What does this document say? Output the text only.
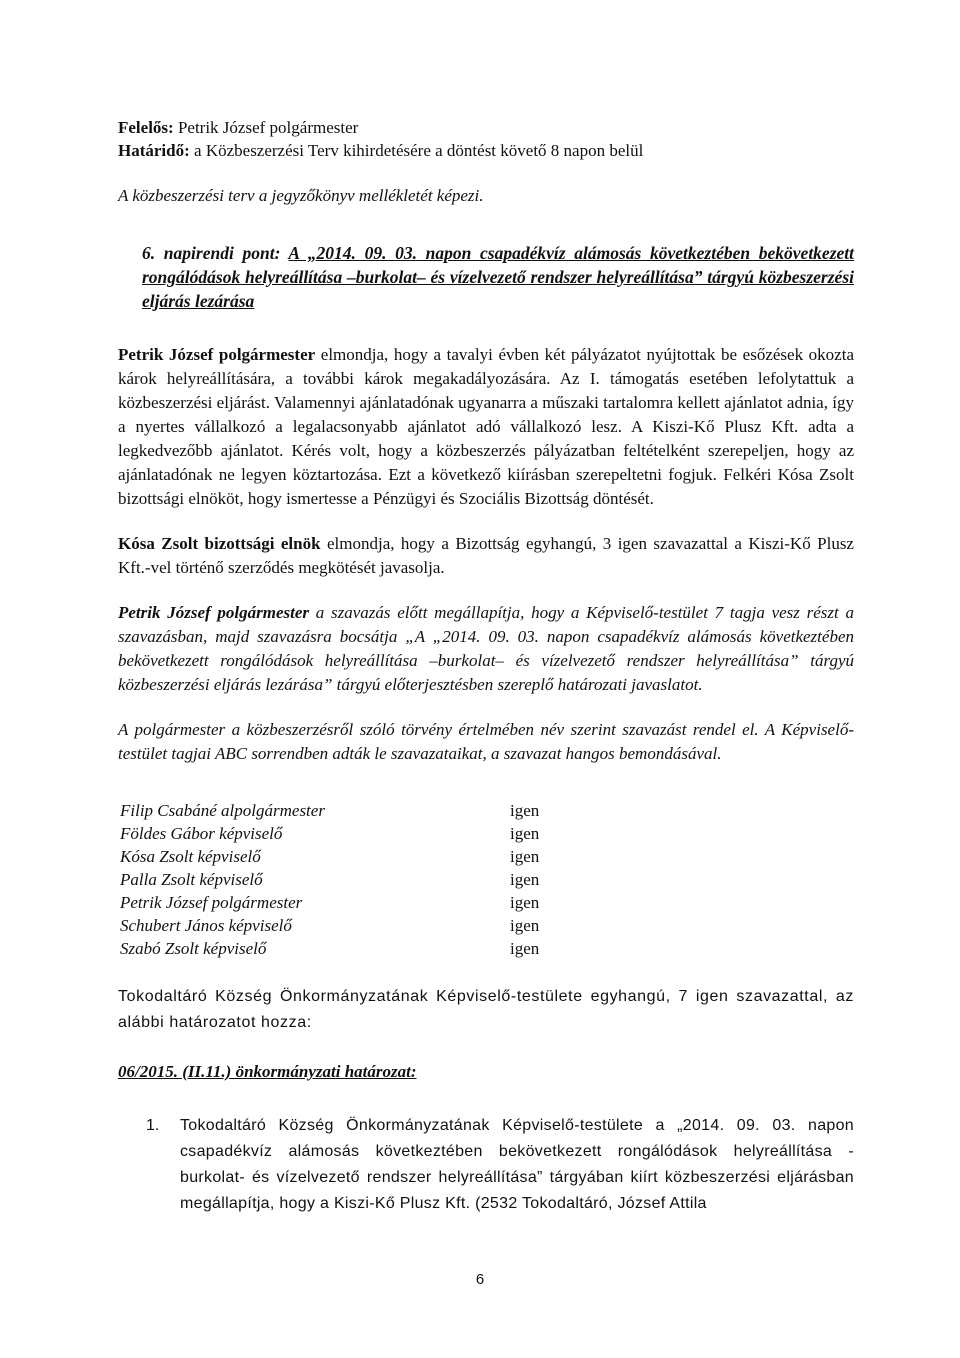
Felelős: Petrik József polgármester

Határidő: a Közbeszerzési Terv kihirdetésére a döntést követő 8 napon belül

A közbeszerzési terv a jegyzőkönyv mellékletét képezi.

6. napirendi pont: A „2014. 09. 03. napon csapadékvíz alámosás következtében bekövetkezett rongálódások helyreállítása –burkolat– és vízelvezető rendszer helyreállítása” tárgyú közbeszerzési eljárás lezárása

Petrik József polgármester elmondja, hogy a tavalyi évben két pályázatot nyújtottak be esőzések okozta károk helyreállítására, a további károk megakadályozására. Az I. támogatás esetében lefolytattuk a közbeszerzési eljárást. Valamennyi ajánlatadónak ugyanarra a műszaki tartalomra kellett ajánlatot adnia, így a nyertes vállalkozó a legalacsonyabb ajánlatot adó vállalkozó lesz. A Kiszi-Kő Plusz Kft. adta a legkedvezőbb ajánlatot. Kérés volt, hogy a közbeszerzés pályázatban feltételként szerepeljen, hogy az ajánlatadónak ne legyen köztartozása. Ezt a következő kiírásban szerepeltetni fogjuk. Felkéri Kósa Zsolt bizottsági elnököt, hogy ismertesse a Pénzügyi és Szociális Bizottság döntését.

Kósa Zsolt bizottsági elnök elmondja, hogy a Bizottság egyhangú, 3 igen szavazattal a Kiszi-Kő Plusz Kft.-vel történő szerződés megkötését javasolja.

Petrik József polgármester a szavazás előtt megállapítja, hogy a Képviselő-testület 7 tagja vesz részt a szavazásban, majd szavazásra bocsátja „A „2014. 09. 03. napon csapadékvíz alámosás következtében bekövetkezett rongálódások helyreállítása –burkolat– és vízelvezető rendszer helyreállítása” tárgyú közbeszerzési eljárás lezárása” tárgyú előterjesztésben szereplő határozati javaslatot.

A polgármester a közbeszerzésről szóló törvény értelmében név szerint szavazást rendel el. A Képviselő-testület tagjai ABC sorrendben adták le szavazataikat, a szavazat hangos bemondásával.

Filip Csabáné alpolgármester	igen
Földes Gábor képviselő	igen
Kósa Zsolt képviselő	igen
Palla Zsolt képviselő	igen
Petrik József polgármester	igen
Schubert János képviselő	igen
Szabó Zsolt képviselő	igen

Tokodaltáró Község Önkormányzatának Képviselő-testülete egyhangú, 7 igen szavazattal, az alábbi határozatot hozza:

06/2015. (II.11.) önkormányzati határozat:

1.	Tokodaltáró Község Önkormányzatának Képviselő-testülete a „2014. 09. 03. napon csapadékvíz alámosás következtében bekövetkezett rongálódások helyreállítása - burkolat- és vízelvezető rendszer helyreállítása” tárgyában kiírt közbeszerzési eljárásban megállapítja, hogy a Kiszi-Kő Plusz Kft. (2532 Tokodaltáró, József Attila
6
